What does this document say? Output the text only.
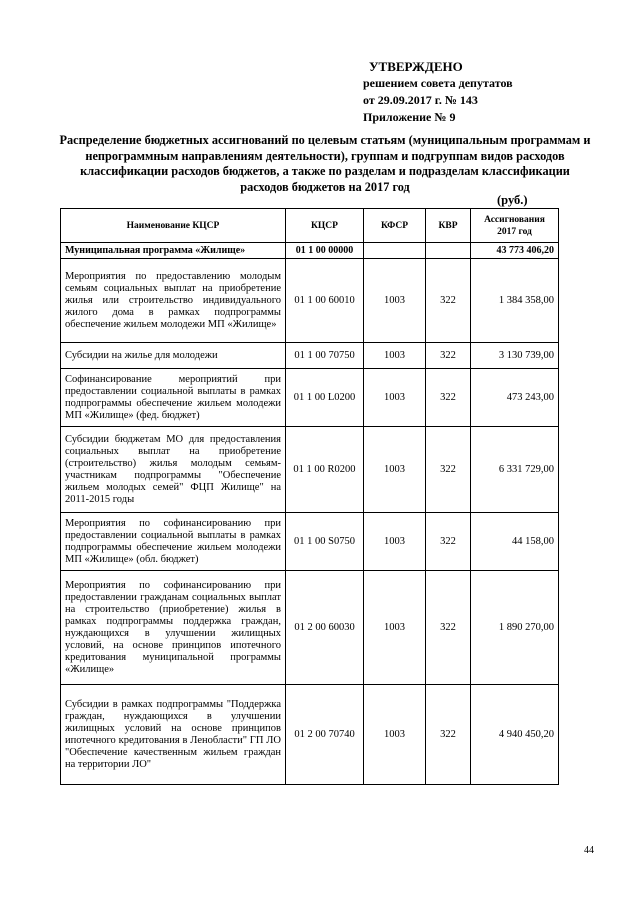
УТВЕРЖДЕНО
решением совета депутатов
от 29.09.2017 г. № 143
Приложение № 9
Распределение бюджетных ассигнований по целевым статьям (муниципальным программам и непрограммным направлениям деятельности), группам и подгруппам видов расходов классификации расходов бюджетов, а также по разделам и подразделам классификации расходов бюджетов на 2017 год
(руб.)
Наименование КЦСР	КЦСР	КФСР	КВР	Ассигнования
2017 год

Муниципальная программа «Жилище»	01 1 00 00000			43 773 406,20
Мероприятия по предоставлению молодым семьям социальных выплат на приобретение жилья или строительство индивидуального жилого дома в рамках подпрограммы обеспечение жильем молодежи МП «Жилище»	01 1 00 60010	1003	322	1 384 358,00
Субсидии на жилье для молодежи	01 1 00 70750	1003	322	3 130 739,00
Софинансирование мероприятий при предоставлении социальной выплаты в рамках подпрограммы обеспечение жильем молодежи МП «Жилище» (фед. бюджет)	01 1 00 L0200	1003	322	473 243,00
Субсидии бюджетам МО для предоставления социальных выплат на приобретение (строительство) жилья молодым семьям-участникам подпрограммы "Обеспечение жильем молодых семей" ФЦП Жилище" на 2011-2015 годы	01 1 00 R0200	1003	322	6 331 729,00
Мероприятия по софинансированию при предоставлении социальной выплаты в рамках подпрограммы обеспечение жильем молодежи МП «Жилище» (обл. бюджет)	01 1 00 S0750	1003	322	44 158,00
Мероприятия по софинансированию при предоставлении гражданам социальных выплат на строительство (приобретение) жилья в рамках подпрограммы поддержка граждан, нуждающихся в улучшении жилищных условий, на основе принципов ипотечного кредитования муниципальной программы «Жилище»	01 2 00 60030	1003	322	1 890 270,00
Субсидии в рамках подпрограммы "Поддержка граждан, нуждающихся в улучшении жилищных условий на основе принципов ипотечного кредитования в Ленобласти" ГП ЛО "Обеспечение качественным жильем граждан на территории ЛО"	01 2 00 70740	1003	322	4 940 450,20
44
